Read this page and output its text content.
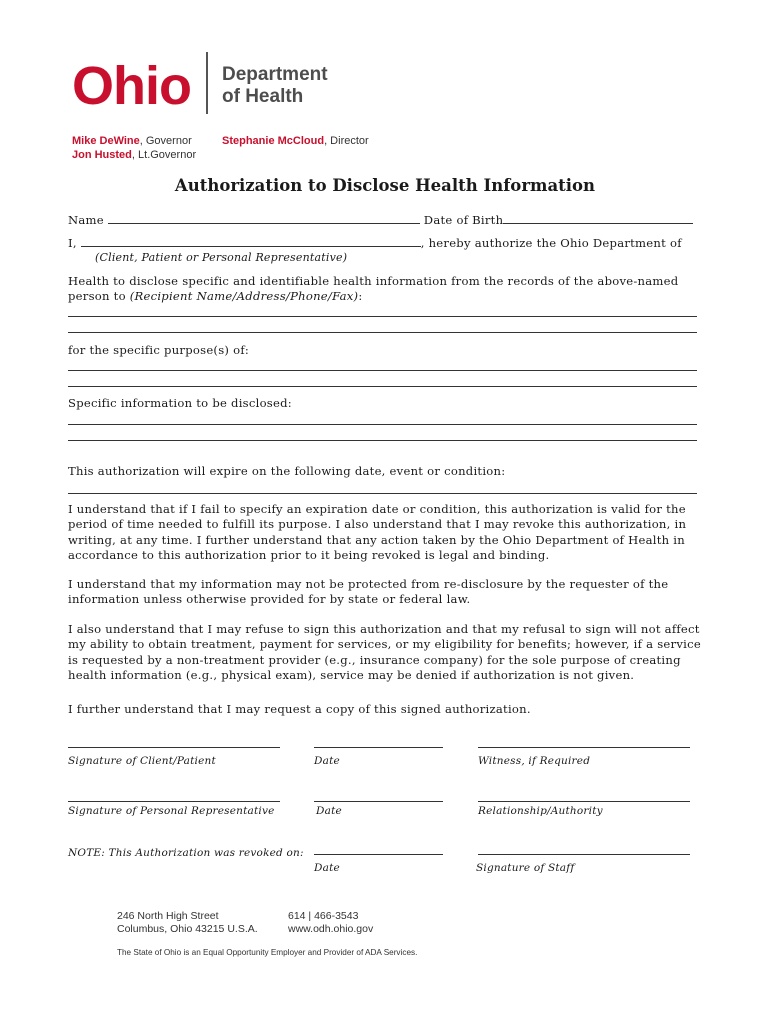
Ohio Department
of Health
Mike DeWine, Governor
Jon Husted, Lt.Governor
Stephanie McCloud, Director
Authorization to Disclose Health Information
Name	Date of Birth
I,	, hereby authorize the Ohio Department of
(Client, Patient or Personal Representative)
Health to disclose specific and identifiable health information from the records of the above-named person to (Recipient Name/Address/Phone/Fax):
for the specific purpose(s) of:
Specific information to be disclosed:
This authorization will expire on the following date, event or condition:
I understand that if I fail to specify an expiration date or condition, this authorization is valid for the period of time needed to fulfill its purpose. I also understand that I may revoke this authorization, in writing, at any time. I further understand that any action taken by the Ohio Department of Health in accordance to this authorization prior to it being revoked is legal and binding.
I understand that my information may not be protected from re-disclosure by the requester of the information unless otherwise provided for by state or federal law.
I also understand that I may refuse to sign this authorization and that my refusal to sign will not affect my ability to obtain treatment, payment for services, or my eligibility for benefits; however, if a service is requested by a non-treatment provider (e.g., insurance company) for the sole purpose of creating health information (e.g., physical exam), service may be denied if authorization is not given.
I further understand that I may request a copy of this signed authorization.
Signature of Client/Patient	Date	Witness, if Required
Signature of Personal Representative	Date	Relationship/Authority
NOTE: This Authorization was revoked on:
Date	Signature of Staff
246 North High Street
Columbus, Ohio 43215 U.S.A.
614 | 466-3543
www.odh.ohio.gov
The State of Ohio is an Equal Opportunity Employer and Provider of ADA Services.
